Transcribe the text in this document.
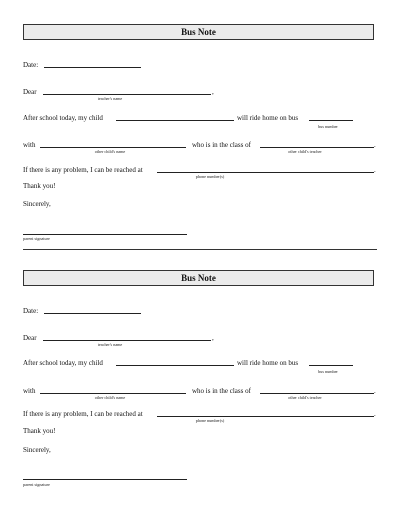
Bus Note
Date:
Dear	,
teacher's name
After school today, my child	will ride home on bus
bus number
with	who is in the class of	.
other child's name	other child's teacher
If there is any problem, I can be reached at	.
phone number(s)
Thank you!
Sincerely,
parent signature
Bus Note
Date:
Dear	,
teacher's name
After school today, my child	will ride home on bus
bus number
with	who is in the class of	.
other child's name	other child's teacher
If there is any problem, I can be reached at	.
phone number(s)
Thank you!
Sincerely,
parent signature
